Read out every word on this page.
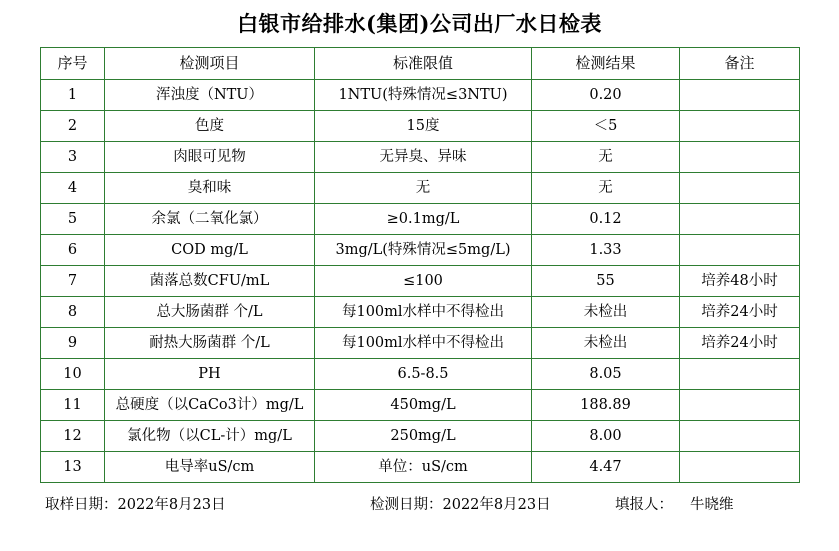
白银市给排水(集团)公司出厂水日检表
序号	检测项目	标准限值	检测结果	备注
1	浑浊度（NTU）	1NTU(特殊情况≤3NTU)	0.20	
2	色度	15度	＜5	
3	肉眼可见物	无异臭、异味	无	
4	臭和味	无	无	
5	余氯（二氧化氯）	≥0.1mg/L	0.12	
6	COD mg/L	3mg/L(特殊情况≤5mg/L)	1.33	
7	菌落总数CFU/mL	≤100	55	培养48小时
8	总大肠菌群 个/L	每100ml水样中不得检出	未检出	培养24小时
9	耐热大肠菌群 个/L	每100ml水样中不得检出	未检出	培养24小时
10	PH	6.5-8.5	8.05	
11	总硬度（以CaCo3计）mg/L	450mg/L	188.89	
12	氯化物（以CL-计）mg/L	250mg/L	8.00	
13	电导率uS/cm	单位：uS/cm	4.47	
取样日期：2022年8月23日	检测日期：2022年8月23日	填报人： 牛晓维
